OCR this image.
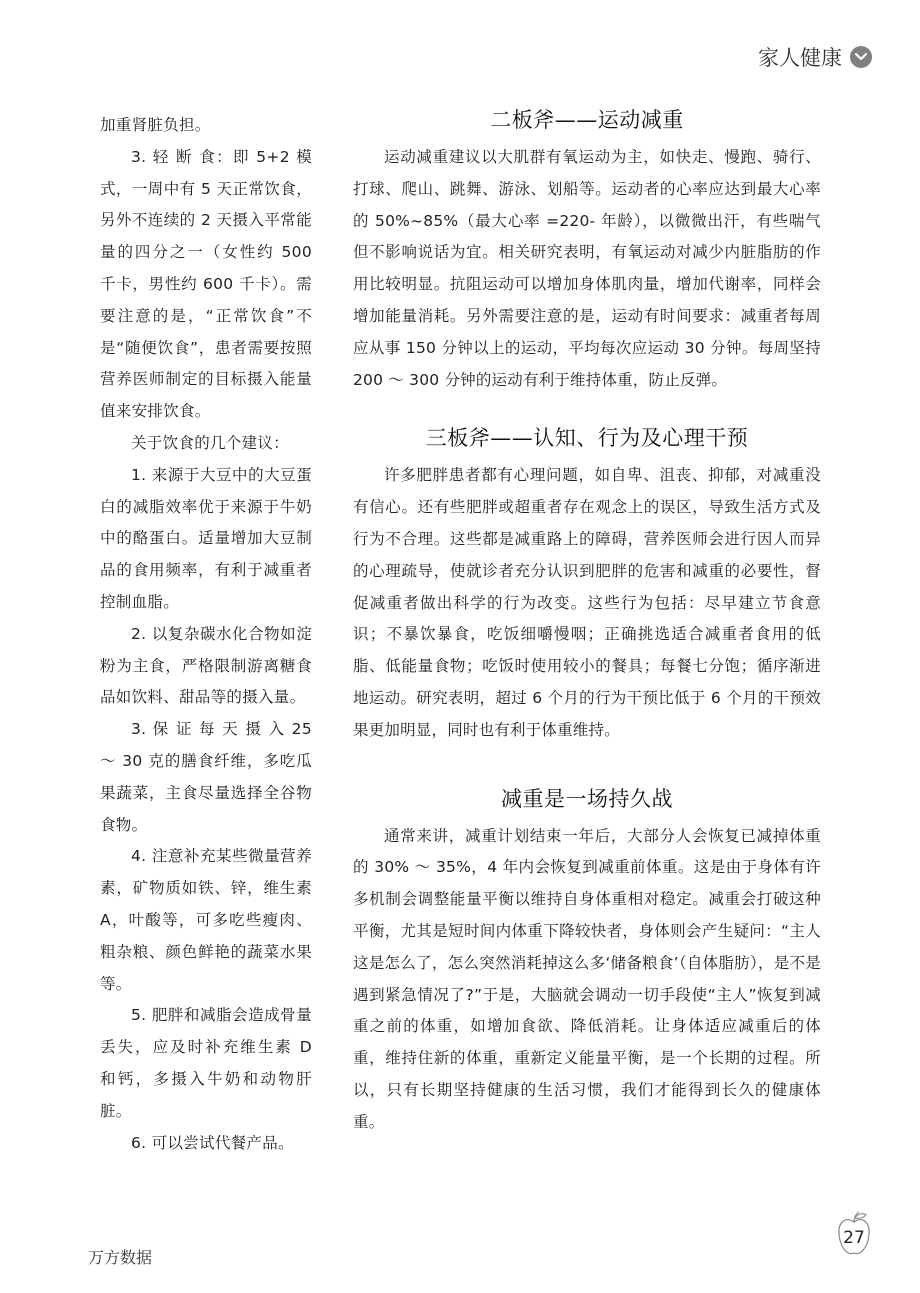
家人健康

加重肾脏负担。

3. 轻 断 食：即 5+2 模式，一周中有 5 天正常饮食，另外不连续的 2 天摄入平常能量的四分之一（女性约 500 千卡，男性约 600 千卡）。需要注意的是，“正常饮食”不是“随便饮食”，患者需要按照营养医师制定的目标摄入能量值来安排饮食。

关于饮食的几个建议：

1. 来源于大豆中的大豆蛋白的减脂效率优于来源于牛奶中的酪蛋白。适量增加大豆制品的食用频率，有利于减重者控制血脂。

2. 以复杂碳水化合物如淀粉为主食，严格限制游离糖食品如饮料、甜品等的摄入量。

3. 保 证 每 天 摄 入 25 ～ 30 克的膳食纤维，多吃瓜果蔬菜，主食尽量选择全谷物食物。

4. 注意补充某些微量营养素，矿物质如铁、锌，维生素 A，叶酸等，可多吃些瘦肉、粗杂粮、颜色鲜艳的蔬菜水果等。

5. 肥胖和减脂会造成骨量丢失，应及时补充维生素 D 和钙，多摄入牛奶和动物肝脏。

6. 可以尝试代餐产品。

二板斧——运动减重

运动减重建议以大肌群有氧运动为主，如快走、慢跑、骑行、打球、爬山、跳舞、游泳、划船等。运动者的心率应达到最大心率的 50%~85%（最大心率 =220- 年龄），以微微出汗，有些喘气但不影响说话为宜。相关研究表明，有氧运动对减少内脏脂肪的作用比较明显。抗阻运动可以增加身体肌肉量，增加代谢率，同样会增加能量消耗。另外需要注意的是，运动有时间要求：减重者每周应从事 150 分钟以上的运动，平均每次应运动 30 分钟。每周坚持 200 ～ 300 分钟的运动有利于维持体重，防止反弹。

三板斧——认知、行为及心理干预

许多肥胖患者都有心理问题，如自卑、沮丧、抑郁，对减重没有信心。还有些肥胖或超重者存在观念上的误区，导致生活方式及行为不合理。这些都是减重路上的障碍，营养医师会进行因人而异的心理疏导，使就诊者充分认识到肥胖的危害和减重的必要性，督促减重者做出科学的行为改变。这些行为包括：尽早建立节食意识；不暴饮暴食，吃饭细嚼慢咽；正确挑选适合减重者食用的低脂、低能量食物；吃饭时使用较小的餐具；每餐七分饱；循序渐进地运动。研究表明，超过 6 个月的行为干预比低于 6 个月的干预效果更加明显，同时也有利于体重维持。

减重是一场持久战

通常来讲，减重计划结束一年后，大部分人会恢复已减掉体重的 30% ～ 35%，4 年内会恢复到减重前体重。这是由于身体有许多机制会调整能量平衡以维持自身体重相对稳定。减重会打破这种平衡，尤其是短时间内体重下降较快者，身体则会产生疑问：“主人这是怎么了，怎么突然消耗掉这么多‘储备粮食’（自体脂肪），是不是遇到紧急情况了?”于是，大脑就会调动一切手段使“主人”恢复到减重之前的体重，如增加食欲、降低消耗。让身体适应减重后的体重，维持住新的体重，重新定义能量平衡，是一个长期的过程。所以，只有长期坚持健康的生活习惯，我们才能得到长久的健康体重。

27
万方数据
